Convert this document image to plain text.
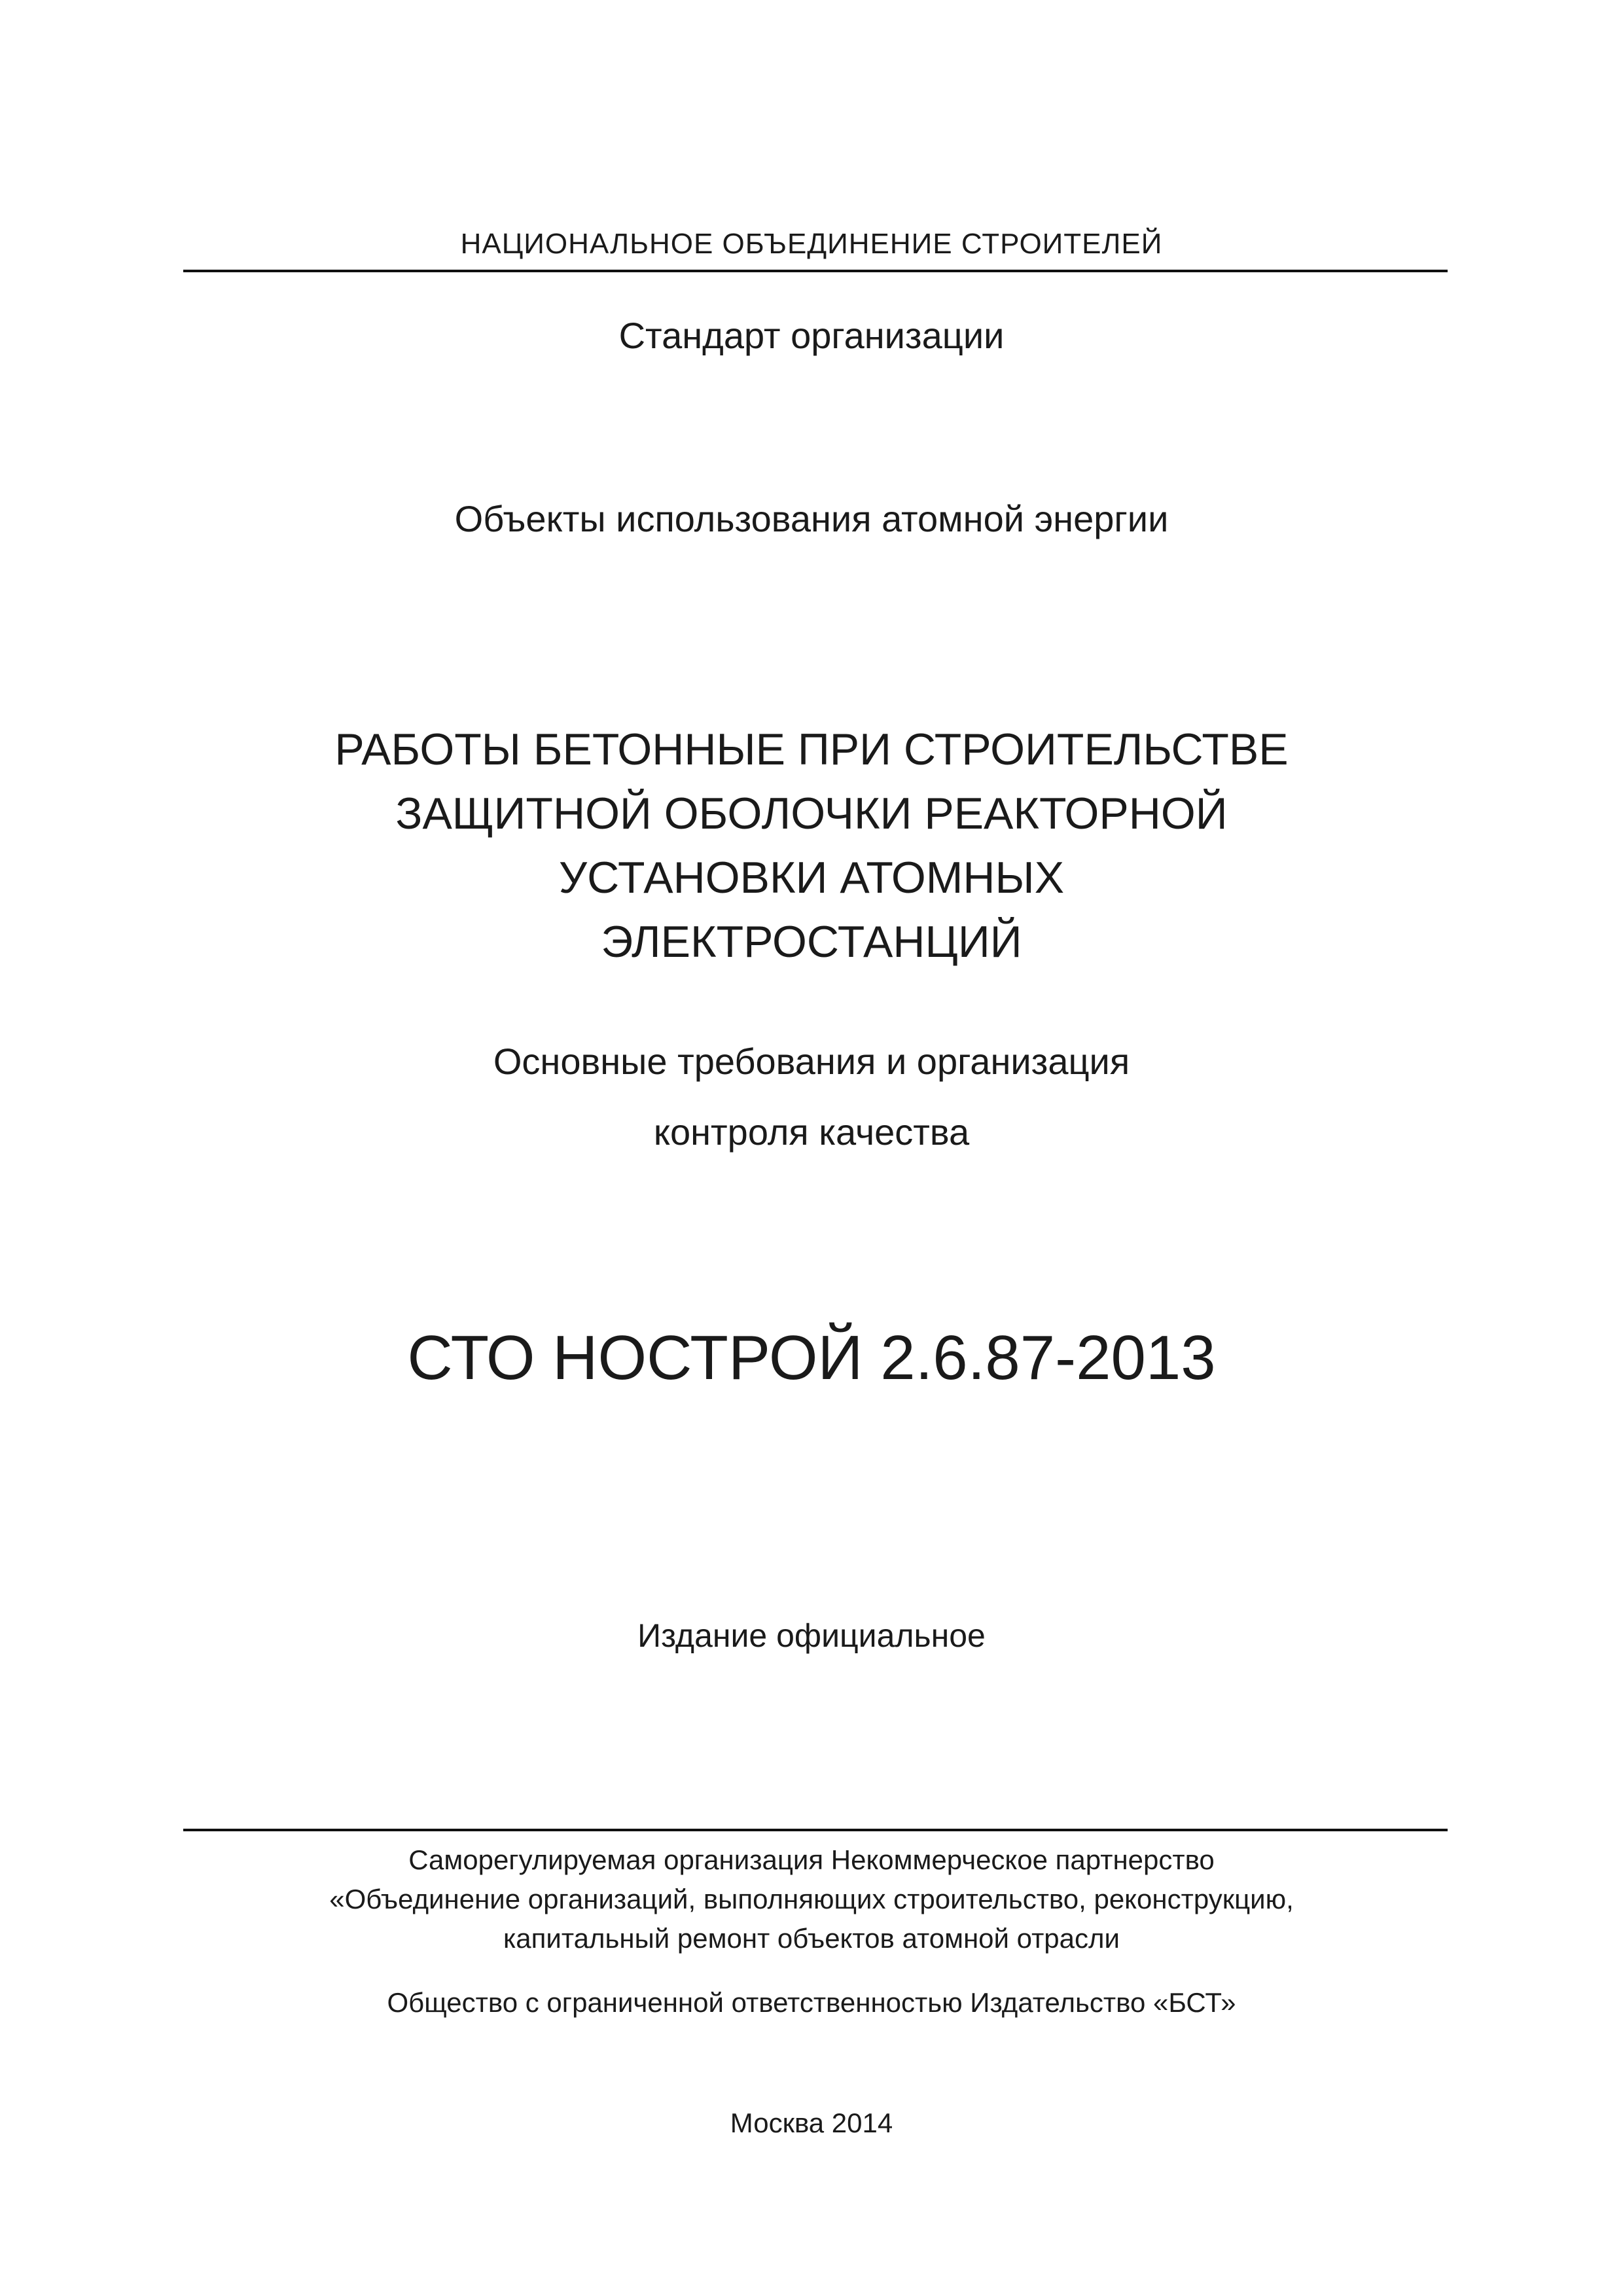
НАЦИОНАЛЬНОЕ ОБЪЕДИНЕНИЕ СТРОИТЕЛЕЙ
Стандарт организации
Объекты использования атомной энергии
РАБОТЫ БЕТОННЫЕ ПРИ СТРОИТЕЛЬСТВЕ
ЗАЩИТНОЙ ОБОЛОЧКИ РЕАКТОРНОЙ
УСТАНОВКИ АТОМНЫХ
ЭЛЕКТРОСТАНЦИЙ
Основные требования и организация
контроля качества
СТО НОСТРОЙ 2.6.87-2013
Издание официальное
Саморегулируемая организация Некоммерческое партнерство
«Объединение организаций, выполняющих строительство, реконструкцию,
капитальный ремонт объектов атомной отрасли
Общество с ограниченной ответственностью Издательство «БСТ»
Москва 2014
